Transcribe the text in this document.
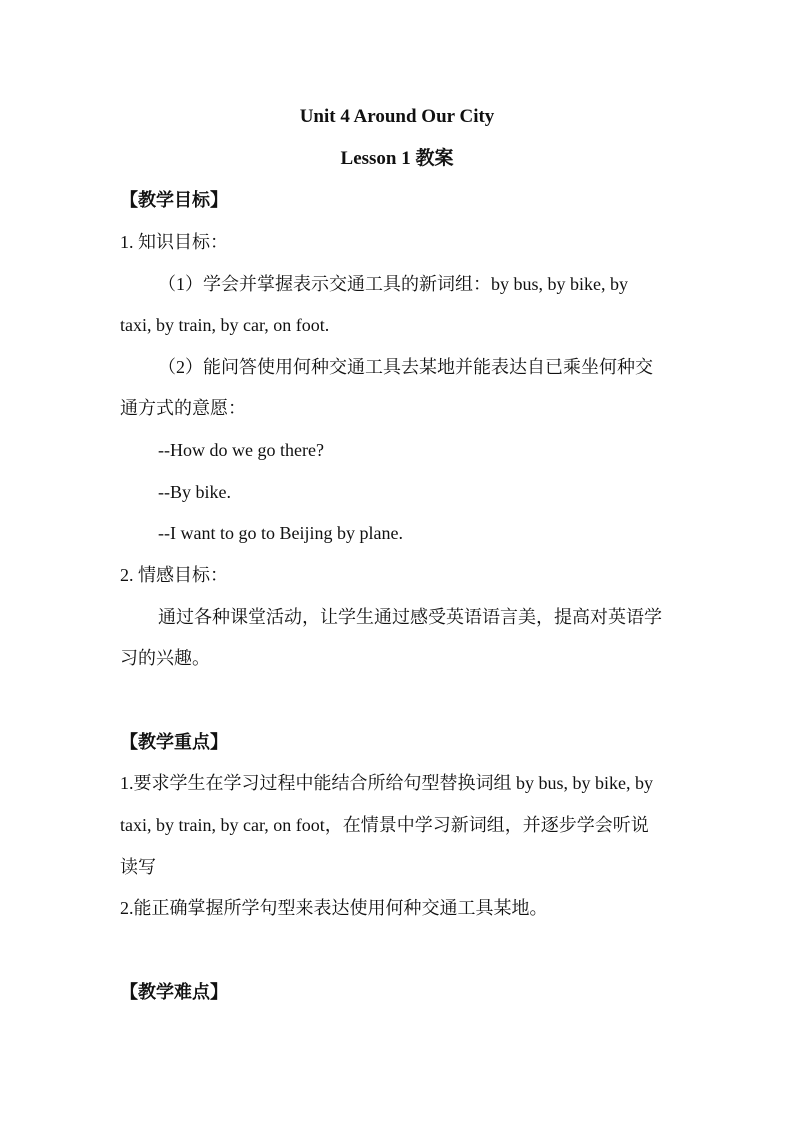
Unit 4 Around Our City
Lesson 1 教案
【教学目标】
1. 知识目标：
（1）学会并掌握表示交通工具的新词组：by bus, by bike, by
taxi, by train, by car, on foot.
（2）能问答使用何种交通工具去某地并能表达自已乘坐何种交
通方式的意愿：
--How do we go there?
--By bike.
--I want to go to Beijing by plane.
2. 情感目标：
通过各种课堂活动，让学生通过感受英语语言美，提高对英语学
习的兴趣。
【教学重点】
1.要求学生在学习过程中能结合所给句型替换词组 by bus, by bike, by
taxi, by train, by car, on foot，在情景中学习新词组，并逐步学会听说
读写
2.能正确掌握所学句型来表达使用何种交通工具某地。
【教学难点】
